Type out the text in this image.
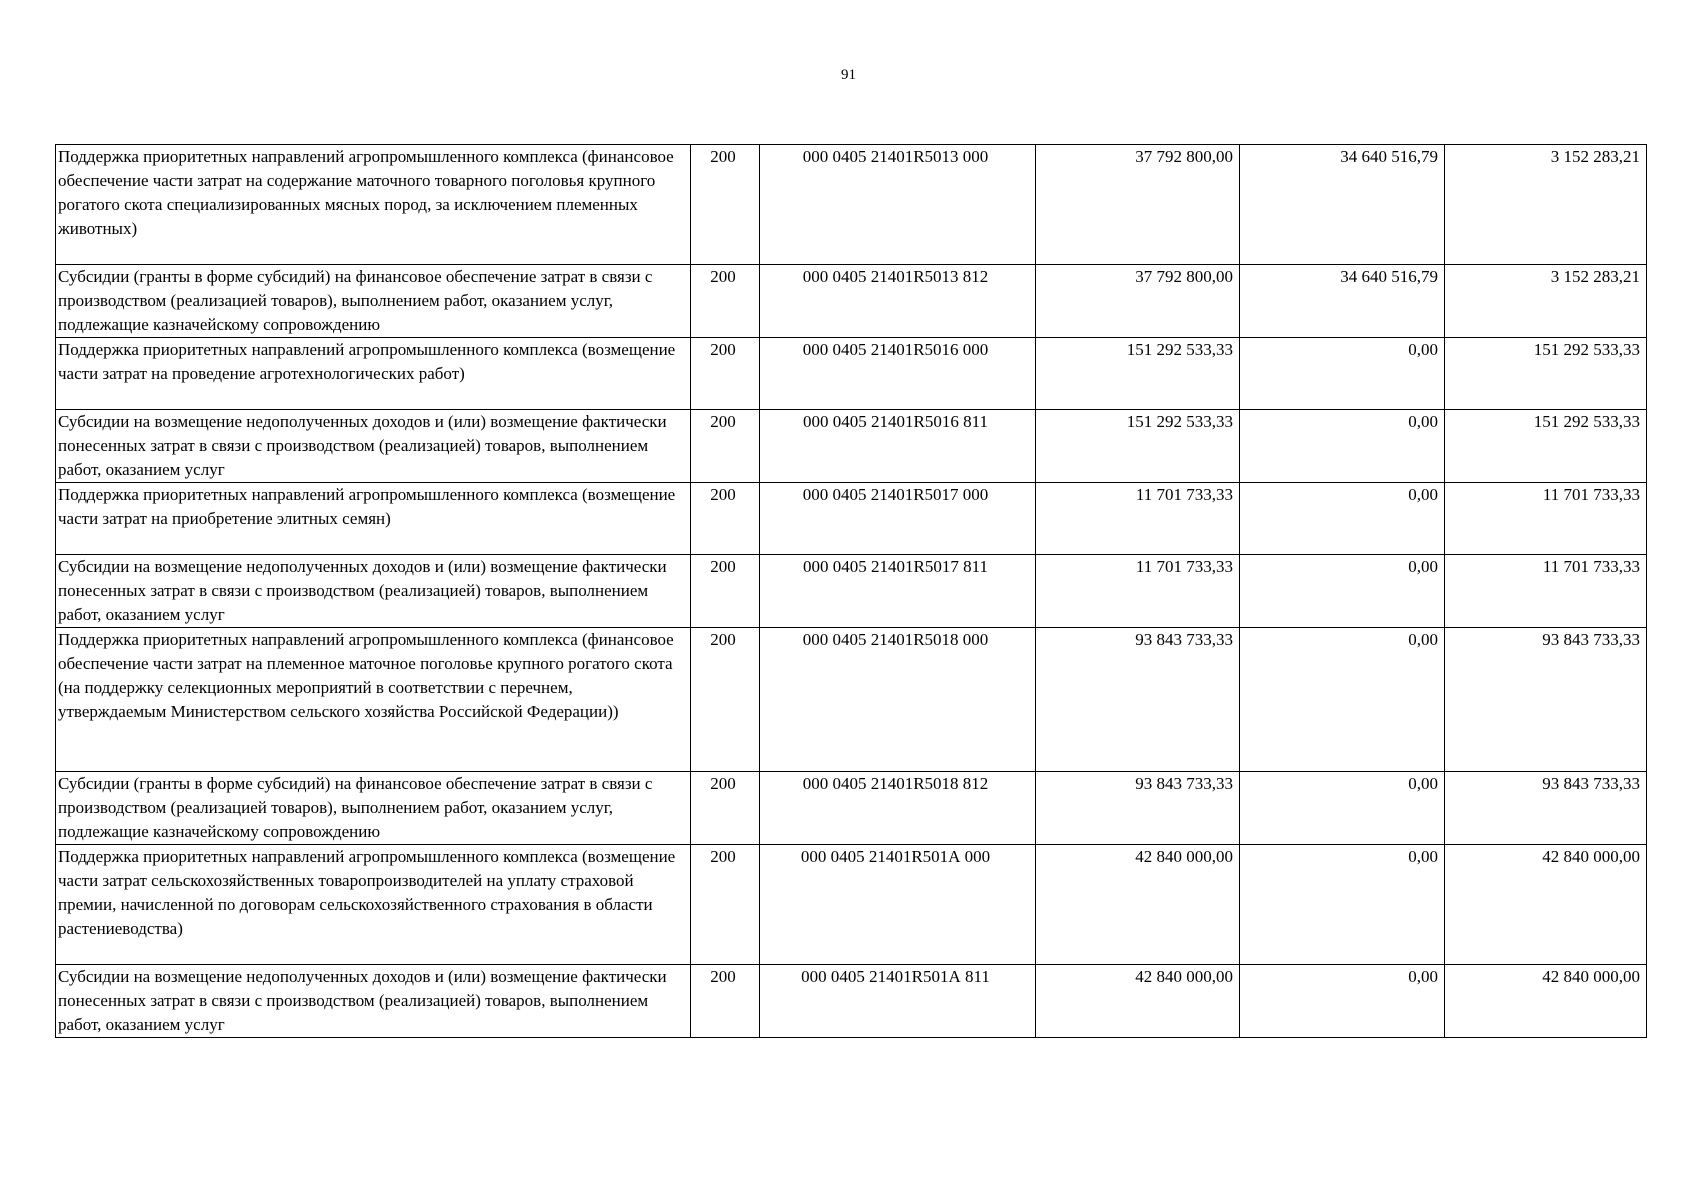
91
Поддержка приоритетных направлений агропромышленного комплекса (финансовое обеспечение части затрат на содержание маточного товарного поголовья крупного рогатого скота специализированных мясных пород, за исключением племенных животных)	200	000 0405 21401R5013 000	37 792 800,00	34 640 516,79	3 152 283,21
Субсидии (гранты в форме субсидий) на финансовое обеспечение затрат в связи с производством (реализацией товаров), выполнением работ, оказанием услуг, подлежащие казначейскому сопровождению	200	000 0405 21401R5013 812	37 792 800,00	34 640 516,79	3 152 283,21
Поддержка приоритетных направлений агропромышленного комплекса (возмещение части затрат на проведение агротехнологических работ)	200	000 0405 21401R5016 000	151 292 533,33	0,00	151 292 533,33
Субсидии на возмещение недополученных доходов и (или) возмещение фактически понесенных затрат в связи с производством (реализацией) товаров, выполнением работ, оказанием услуг	200	000 0405 21401R5016 811	151 292 533,33	0,00	151 292 533,33
Поддержка приоритетных направлений агропромышленного комплекса (возмещение части затрат на приобретение элитных семян)	200	000 0405 21401R5017 000	11 701 733,33	0,00	11 701 733,33
Субсидии на возмещение недополученных доходов и (или) возмещение фактически понесенных затрат в связи с производством (реализацией) товаров, выполнением работ, оказанием услуг	200	000 0405 21401R5017 811	11 701 733,33	0,00	11 701 733,33
Поддержка приоритетных направлений агропромышленного комплекса (финансовое обеспечение части затрат на племенное маточное поголовье крупного рогатого скота (на поддержку селекционных мероприятий в соответствии с перечнем, утверждаемым Министерством сельского хозяйства Российской Федерации))	200	000 0405 21401R5018 000	93 843 733,33	0,00	93 843 733,33
Субсидии (гранты в форме субсидий) на финансовое обеспечение затрат в связи с производством (реализацией товаров), выполнением работ, оказанием услуг, подлежащие казначейскому сопровождению	200	000 0405 21401R5018 812	93 843 733,33	0,00	93 843 733,33
Поддержка приоритетных направлений агропромышленного комплекса (возмещение части затрат сельскохозяйственных товаропроизводителей на уплату страховой премии, начисленной по договорам сельскохозяйственного страхования в области растениеводства)	200	000 0405 21401R501А 000	42 840 000,00	0,00	42 840 000,00
Субсидии на возмещение недополученных доходов и (или) возмещение фактически понесенных затрат в связи с производством (реализацией) товаров, выполнением работ, оказанием услуг	200	000 0405 21401R501А 811	42 840 000,00	0,00	42 840 000,00
